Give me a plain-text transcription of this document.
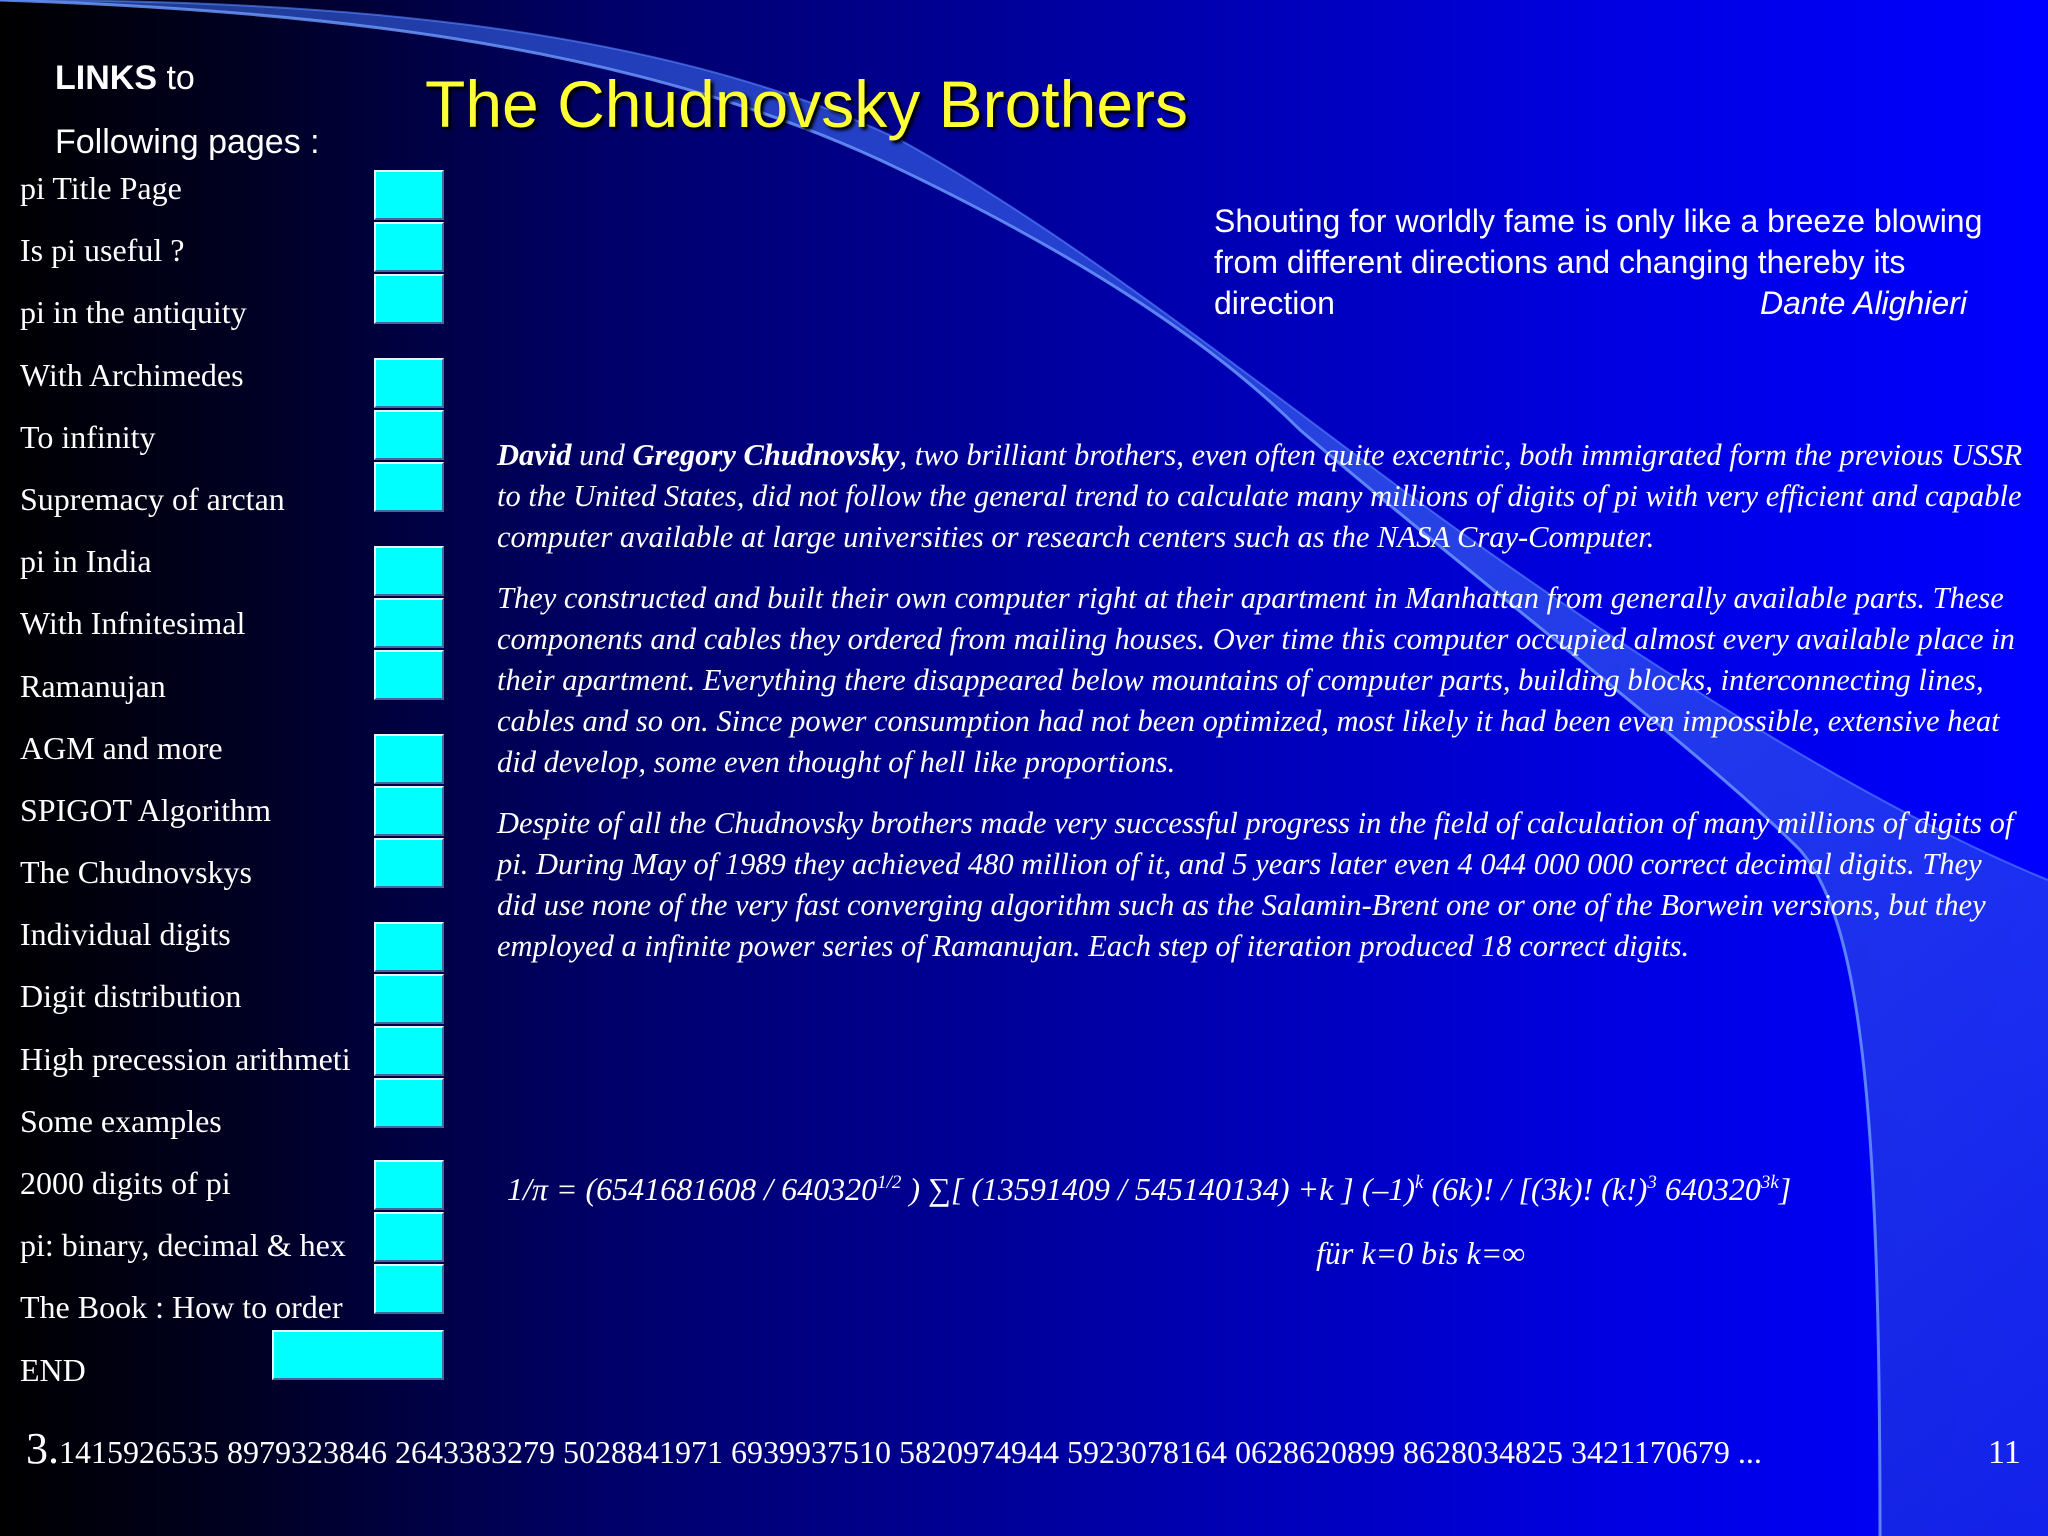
LINKS to
Following pages :
pi Title Page
Is pi useful ?
pi in the antiquity
With Archimedes
To infinity
Supremacy of arctan
pi in India
With Infnitesimal
Ramanujan
AGM and more
SPIGOT Algorithm
The Chudnovskys
Individual digits
Digit distribution
High precession arithmeti
Some examples
2000 digits of pi
pi: binary, decimal & hex
The Book : How to order
END
The Chudnovsky Brothers
Shouting for worldly fame is only like a breeze blowing from different directions and changing thereby its direction	Dante Alighieri

David und Gregory Chudnovsky, two brilliant brothers, even often quite excentric, both immigrated form the previous USSR to the United States, did not follow the general trend to calculate many millions of digits of pi with very efficient and capable computer available at large universities or research centers such as the NASA Cray-Computer.

They constructed and built their own computer right at their apartment in Manhattan from generally available parts. These components and cables they ordered from mailing houses. Over time this computer occupied almost every available place in their apartment. Everything there disappeared below mountains of computer parts, building blocks, interconnecting lines, cables and so on. Since power consumption had not been optimized, most likely it had been even impossible, extensive heat did develop, some even thought of hell like proportions.

Despite of all the Chudnovsky brothers made very successful progress in the field of calculation of many millions of digits of pi. During May of 1989 they achieved 480 million of it, and 5 years later even 4 044 000 000 correct decimal digits. They did use none of the very fast converging algorithm such as the Salamin-Brent one or one of the Borwein versions, but they employed a infinite power series of Ramanujan. Each step of iteration produced 18 correct digits.

$1/\pi = (6541681608 / 640320^{1/2}$ ) ∑[ (13591409 / 545140134) +k ] $(-1)^k$ (6k)! / [(3k)! $(k!)^3$ $640320^{3k}$]
für k=0 bis k=∞
3.1415926535 8979323846 2643383279 5028841971 6939937510 5820974944 5923078164 0628620899 8628034825 3421170679 ...	11
